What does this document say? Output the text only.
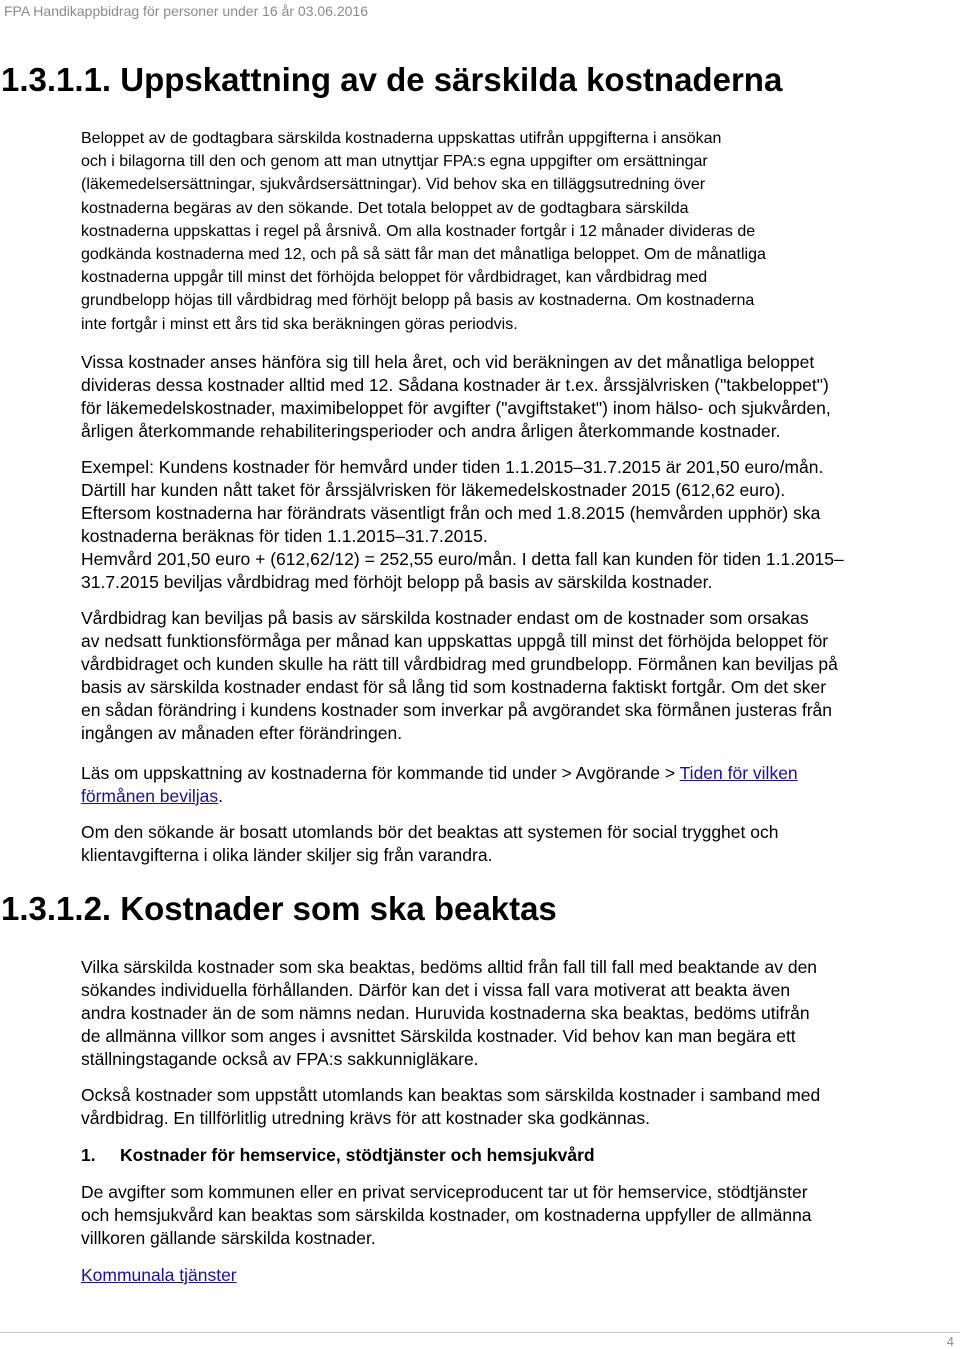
FPA Handikappbidrag för personer under 16 år 03.06.2016
1.3.1.1. Uppskattning av de särskilda kostnaderna

Beloppet av de godtagbara särskilda kostnaderna uppskattas utifrån uppgifterna i ansökan

och i bilagorna till den och genom att man utnyttjar FPA:s egna uppgifter om ersättningar

(läkemedelsersättningar, sjukvårdsersättningar). Vid behov ska en tilläggsutredning över

kostnaderna begäras av den sökande. Det totala beloppet av de godtagbara särskilda

kostnaderna uppskattas i regel på årsnivå. Om alla kostnader fortgår i 12 månader divideras de

godkända kostnaderna med 12, och på så sätt får man det månatliga beloppet. Om de månatliga

kostnaderna uppgår till minst det förhöjda beloppet för vårdbidraget, kan vårdbidrag med

grundbelopp höjas till vårdbidrag med förhöjt belopp på basis av kostnaderna. Om kostnaderna

inte fortgår i minst ett års tid ska beräkningen göras periodvis.

Vissa kostnader anses hänföra sig till hela året, och vid beräkningen av det månatliga beloppet

divideras dessa kostnader alltid med 12. Sådana kostnader är t.ex. årssjälvrisken ("takbeloppet")

för läkemedelskostnader, maximibeloppet för avgifter ("avgiftstaket") inom hälso- och sjukvården,

årligen återkommande rehabiliteringsperioder och andra årligen återkommande kostnader.

Exempel: Kundens kostnader för hemvård under tiden 1.1.2015–31.7.2015 är 201,50 euro/mån.

Därtill har kunden nått taket för årssjälvrisken för läkemedelskostnader 2015 (612,62 euro).

Eftersom kostnaderna har förändrats väsentligt från och med 1.8.2015 (hemvården upphör) ska

kostnaderna beräknas för tiden 1.1.2015–31.7.2015.

Hemvård 201,50 euro + (612,62/12) = 252,55 euro/mån. I detta fall kan kunden för tiden 1.1.2015–

31.7.2015 beviljas vårdbidrag med förhöjt belopp på basis av särskilda kostnader.

Vårdbidrag kan beviljas på basis av särskilda kostnader endast om de kostnader som orsakas

av nedsatt funktionsförmåga per månad kan uppskattas uppgå till minst det förhöjda beloppet för

vårdbidraget och kunden skulle ha rätt till vårdbidrag med grundbelopp. Förmånen kan beviljas på

basis av särskilda kostnader endast för så lång tid som kostnaderna faktiskt fortgår. Om det sker

en sådan förändring i kundens kostnader som inverkar på avgörandet ska förmånen justeras från

ingången av månaden efter förändringen.

Läs om uppskattning av kostnaderna för kommande tid under > Avgörande > Tiden för vilken

förmånen beviljas.

Om den sökande är bosatt utomlands bör det beaktas att systemen för social trygghet och

klientavgifterna i olika länder skiljer sig från varandra.

1.3.1.2. Kostnader som ska beaktas

Vilka särskilda kostnader som ska beaktas, bedöms alltid från fall till fall med beaktande av den

sökandes individuella förhållanden. Därför kan det i vissa fall vara motiverat att beakta även

andra kostnader än de som nämns nedan. Huruvida kostnaderna ska beaktas, bedöms utifrån

de allmänna villkor som anges i avsnittet Särskilda kostnader. Vid behov kan man begära ett

ställningstagande också av FPA:s sakkunnigläkare.

Också kostnader som uppstått utomlands kan beaktas som särskilda kostnader i samband med

vårdbidrag. En tillförlitlig utredning krävs för att kostnader ska godkännas.

1. Kostnader för hemservice, stödtjänster och hemsjukvård

De avgifter som kommunen eller en privat serviceproducent tar ut för hemservice, stödtjänster

och hemsjukvård kan beaktas som särskilda kostnader, om kostnaderna uppfyller de allmänna

villkoren gällande särskilda kostnader.

Kommunala tjänster

4
